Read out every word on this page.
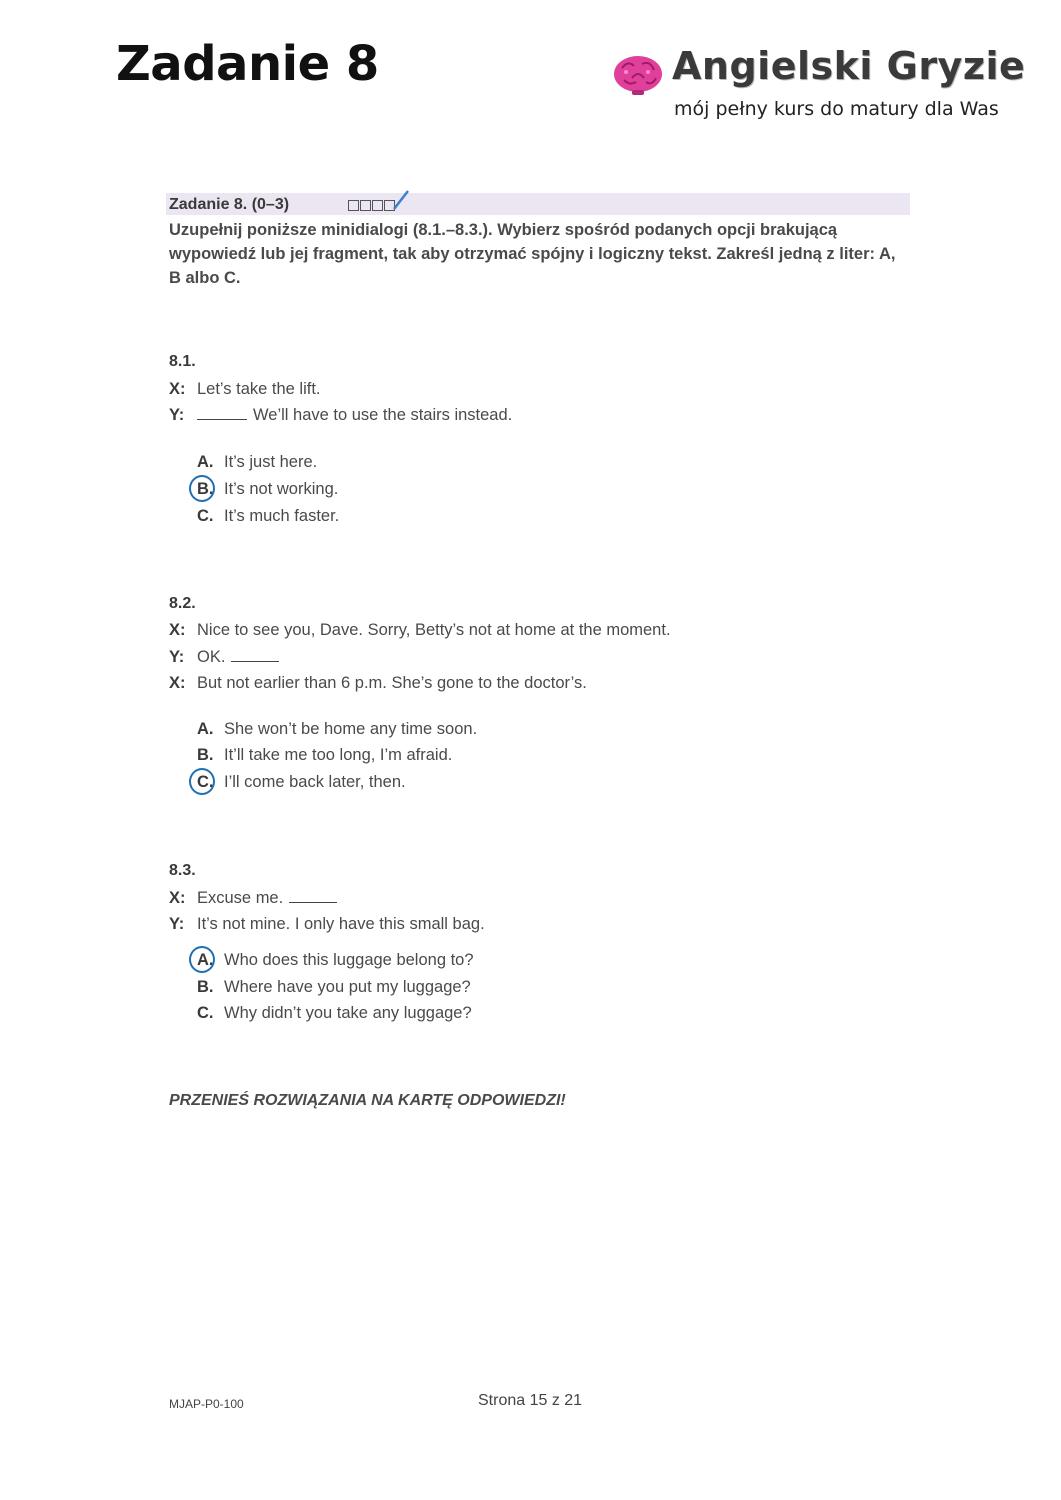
Zadanie 8	Angielski Gryzie
mój pełny kurs do matury dla Was
Zadanie 8. (0–3)

Uzupełnij poniższe minidialogi (8.1.–8.3.). Wybierz spośród podanych opcji brakującą wypowiedź lub jej fragment, tak aby otrzymać spójny i logiczny tekst. Zakreśl jedną z liter: A, B albo C.

8.1.
X: Let’s take the lift.
Y:	We’ll have to use the stairs instead.
A. It’s just here.
B. It’s not working.
C. It’s much faster.
8.2.
X: Nice to see you, Dave. Sorry, Betty’s not at home at the moment.
Y: OK.
X: But not earlier than 6 p.m. She’s gone to the doctor’s.
A. She won’t be home any time soon.
B. It’ll take me too long, I’m afraid.
C. I’ll come back later, then.
8.3.
X: Excuse me.
Y: It’s not mine. I only have this small bag.
A. Who does this luggage belong to?
B. Where have you put my luggage?
C. Why didn’t you take any luggage?
PRZENIEŚ ROZWIĄZANIA NA KARTĘ ODPOWIEDZI!
MJAP-P0-100	Strona 15 z 21
